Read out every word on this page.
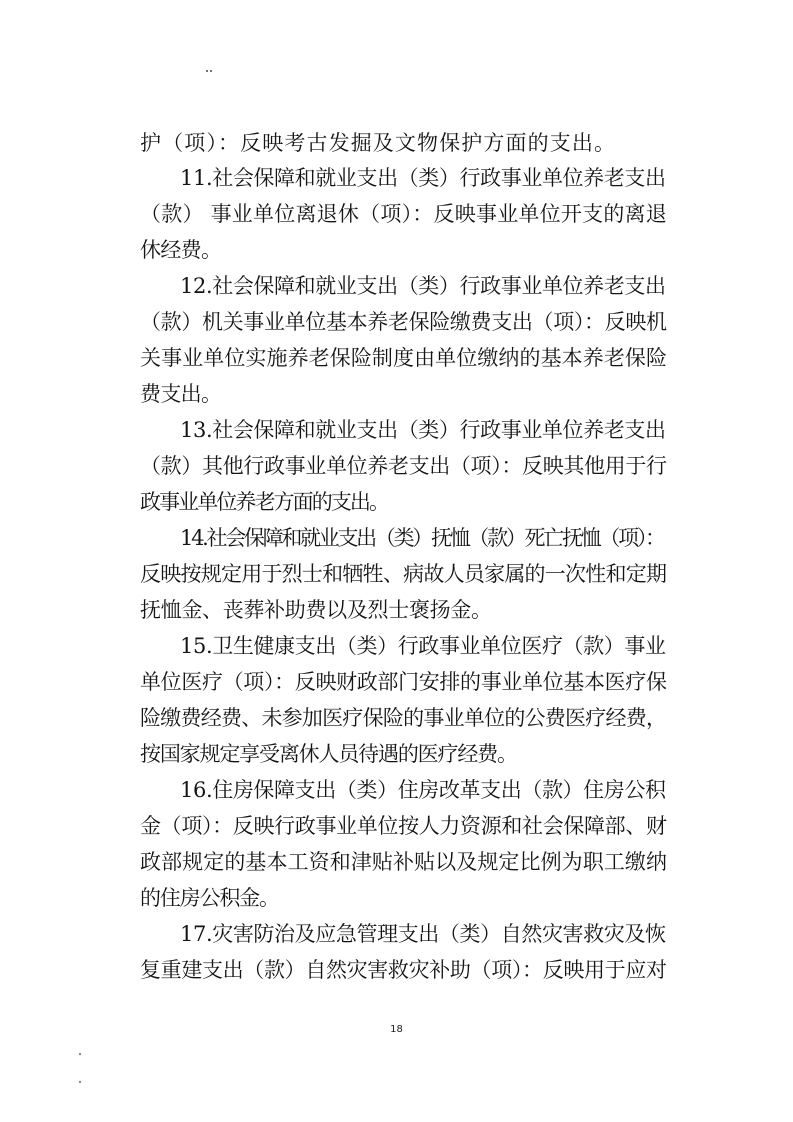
护（项）：反映考古发掘及文物保护方面的支出。
11.社会保障和就业支出（类）行政事业单位养老支出
（款） 事业单位离退休（项）：反映事业单位开支的离退
休经费。
12.社会保障和就业支出（类）行政事业单位养老支出
（款）机关事业单位基本养老保险缴费支出（项）：反映机
关事业单位实施养老保险制度由单位缴纳的基本养老保险
费支出。
13.社会保障和就业支出（类）行政事业单位养老支出
（款）其他行政事业单位养老支出（项）：反映其他用于行
政事业单位养老方面的支出。
14.社会保障和就业支出（类）抚恤（款）死亡抚恤（项）：
反映按规定用于烈士和牺牲、病故人员家属的一次性和定期
抚恤金、丧葬补助费以及烈士褒扬金。
15.卫生健康支出（类）行政事业单位医疗（款）事业
单位医疗（项）：反映财政部门安排的事业单位基本医疗保
险缴费经费、未参加医疗保险的事业单位的公费医疗经费，
按国家规定享受离休人员待遇的医疗经费。
16.住房保障支出（类）住房改革支出（款）住房公积
金（项）：反映行政事业单位按人力资源和社会保障部、财
政部规定的基本工资和津贴补贴以及规定比例为职工缴纳
的住房公积金。
17.灾害防治及应急管理支出（类）自然灾害救灾及恢
复重建支出（款）自然灾害救灾补助（项）：反映用于应对
18
